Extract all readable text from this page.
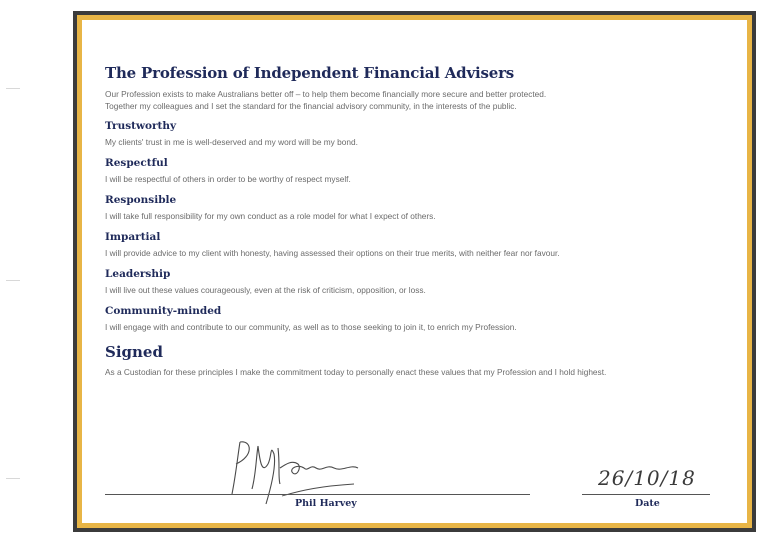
The Profession of Independent Financial Advisers

Our Profession exists to make Australians better off – to help them become financially more secure and better protected.
Together my colleagues and I set the standard for the financial advisory community, in the interests of the public.

Trustworthy

My clients' trust in me is well-deserved and my word will be my bond.

Respectful

I will be respectful of others in order to be worthy of respect myself.

Responsible

I will take full responsibility for my own conduct as a role model for what I expect of others.

Impartial

I will provide advice to my client with honesty, having assessed their options on their true merits, with neither fear nor favour.

Leadership

I will live out these values courageously, even at the risk of criticism, opposition, or loss.

Community-minded

I will engage with and contribute to our community, as well as to those seeking to join it, to enrich my Profession.

Signed

As a Custodian for these principles I make the commitment today to personally enact these values that my Profession and I hold highest.

26/10/18
Phil Harvey	Date
